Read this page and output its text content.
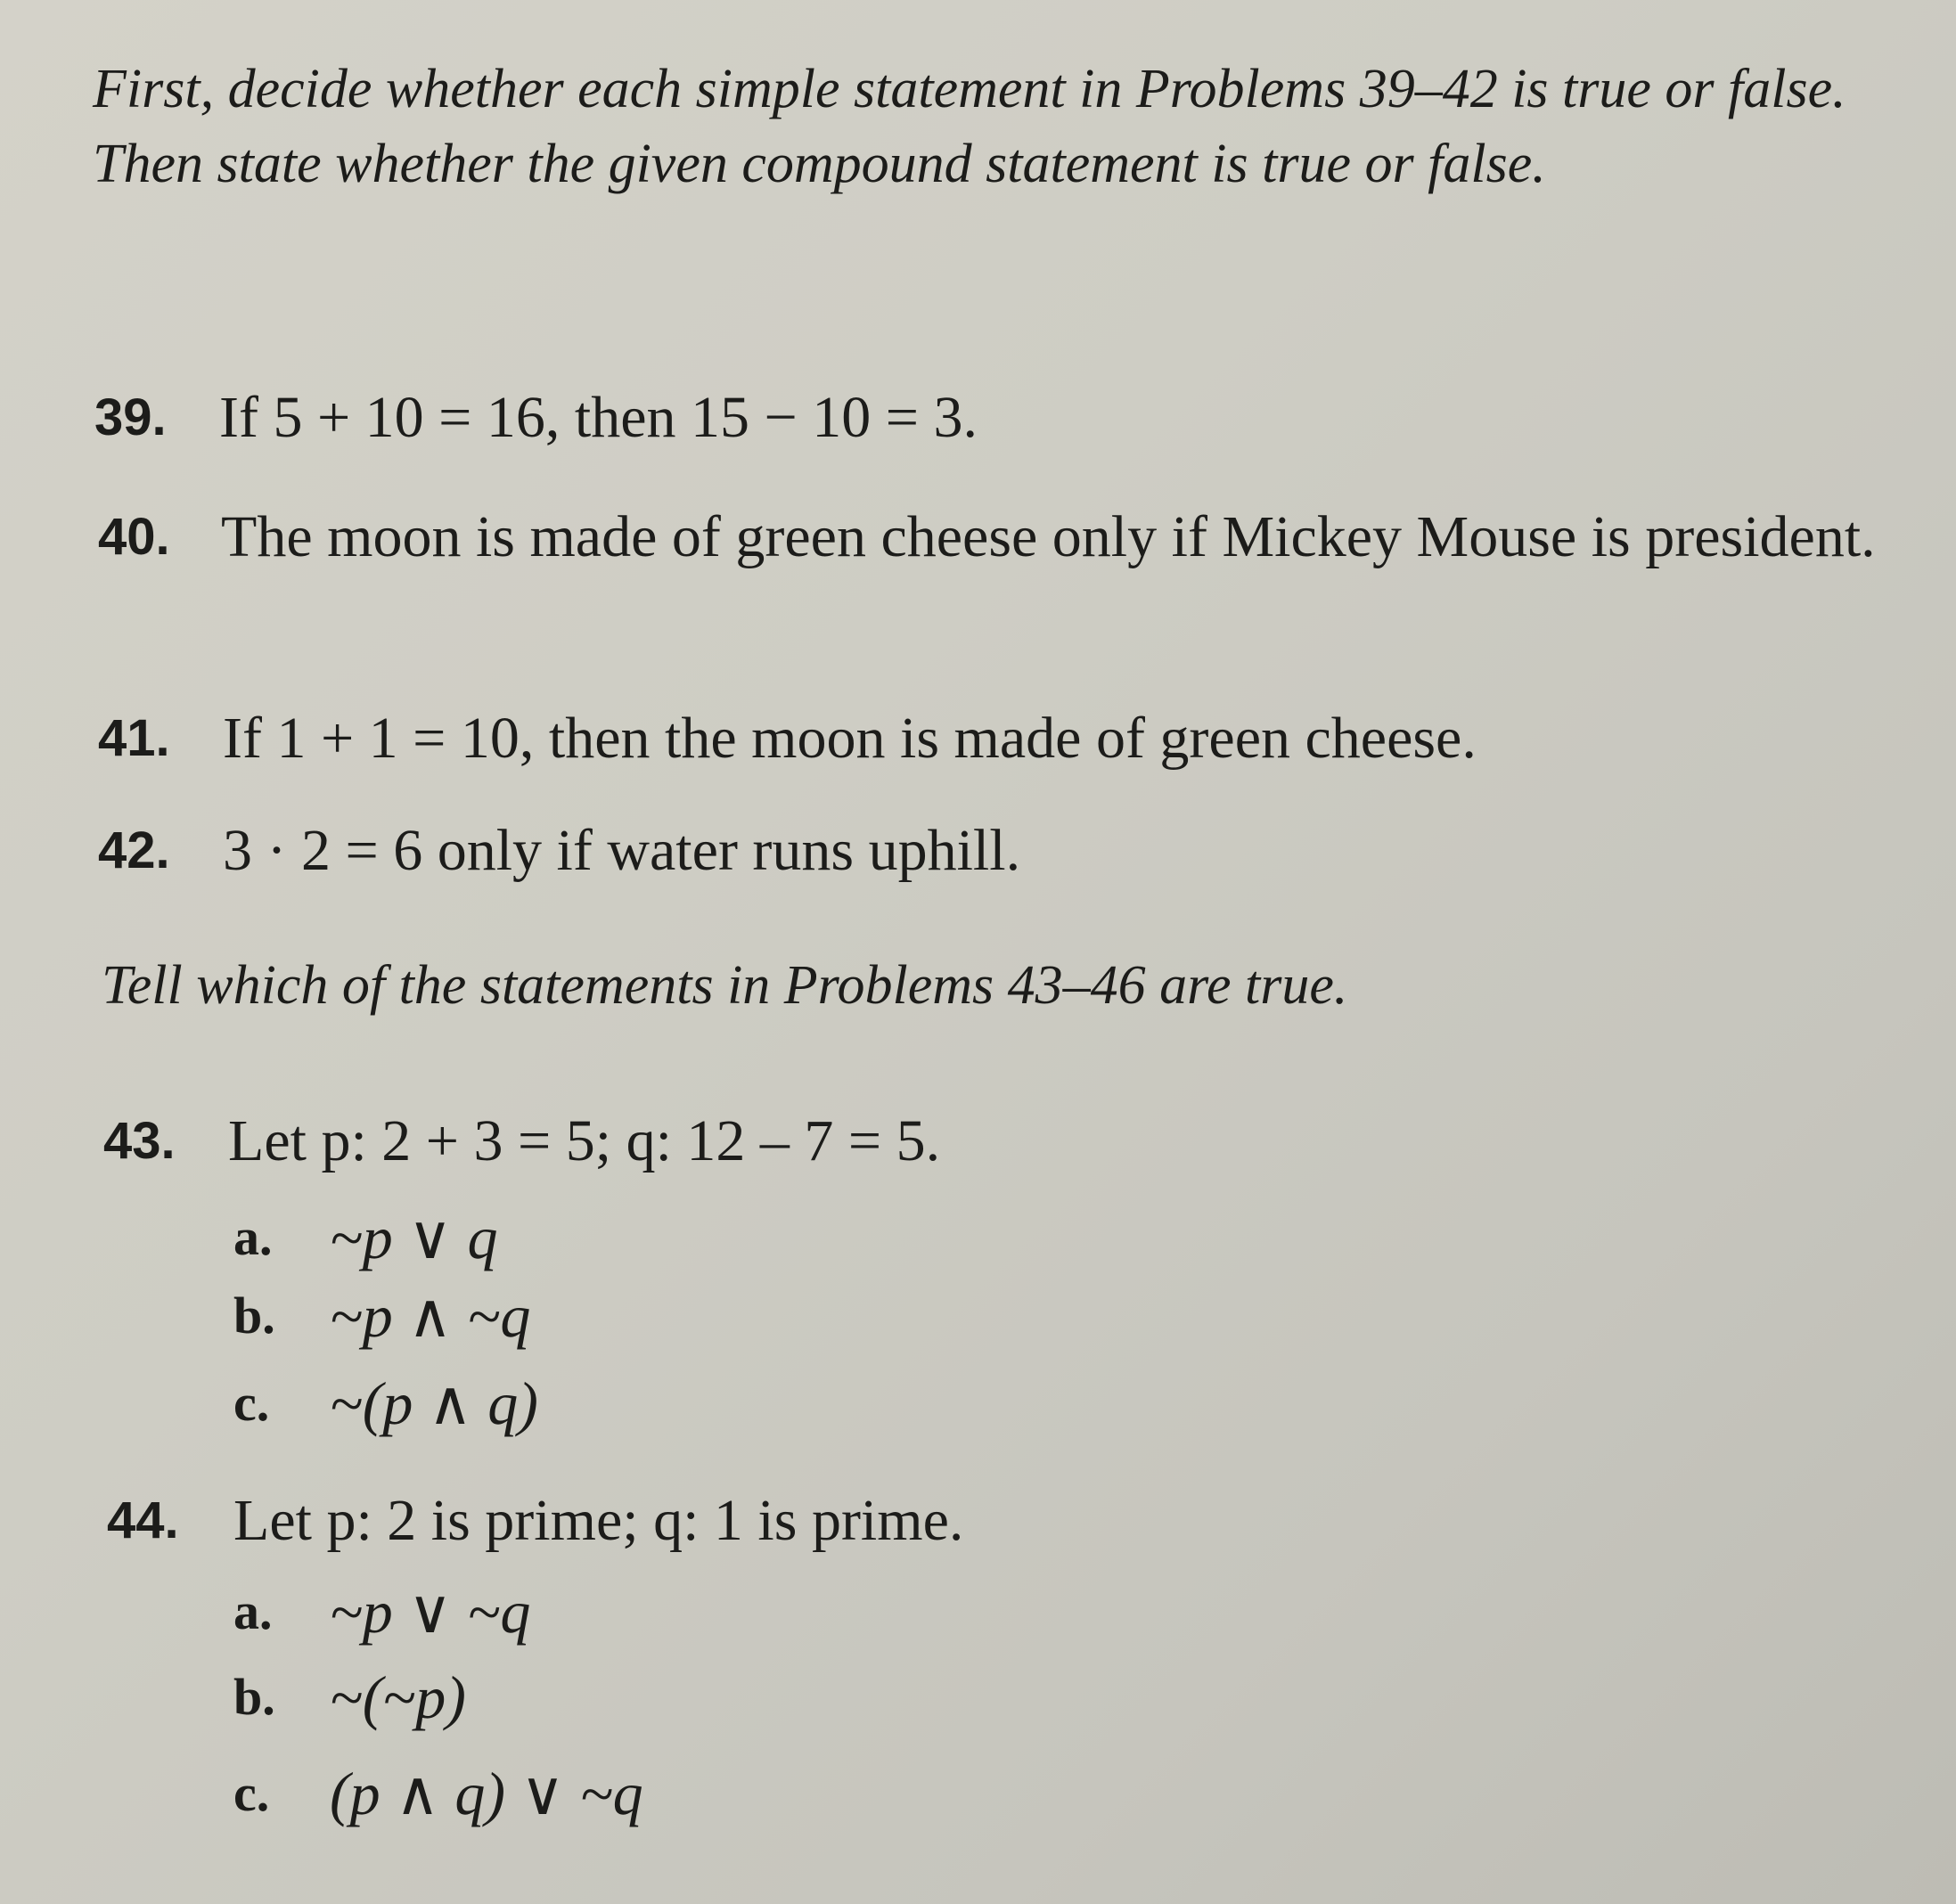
First, decide whether each simple statement in Problems 39–42 is true or false. Then state whether the given compound statement is true or false.

39. If 5 + 10 = 16, then 15 − 10 = 3.
40. The moon is made of green cheese only if Mickey Mouse is president.
41. If 1 + 1 = 10, then the moon is made of green cheese.
42. 3 · 2 = 6 only if water runs uphill.

Tell which of the statements in Problems 43–46 are true.

43. Let p: 2 + 3 = 5; q: 12 – 7 = 5.
a. ~p ∨ q
b. ~p ∧ ~q
c. ~(p ∧ q)
44. Let p: 2 is prime; q: 1 is prime.
a. ~p ∨ ~q
b. ~(~p)
c. (p ∧ q) ∨ ~q
